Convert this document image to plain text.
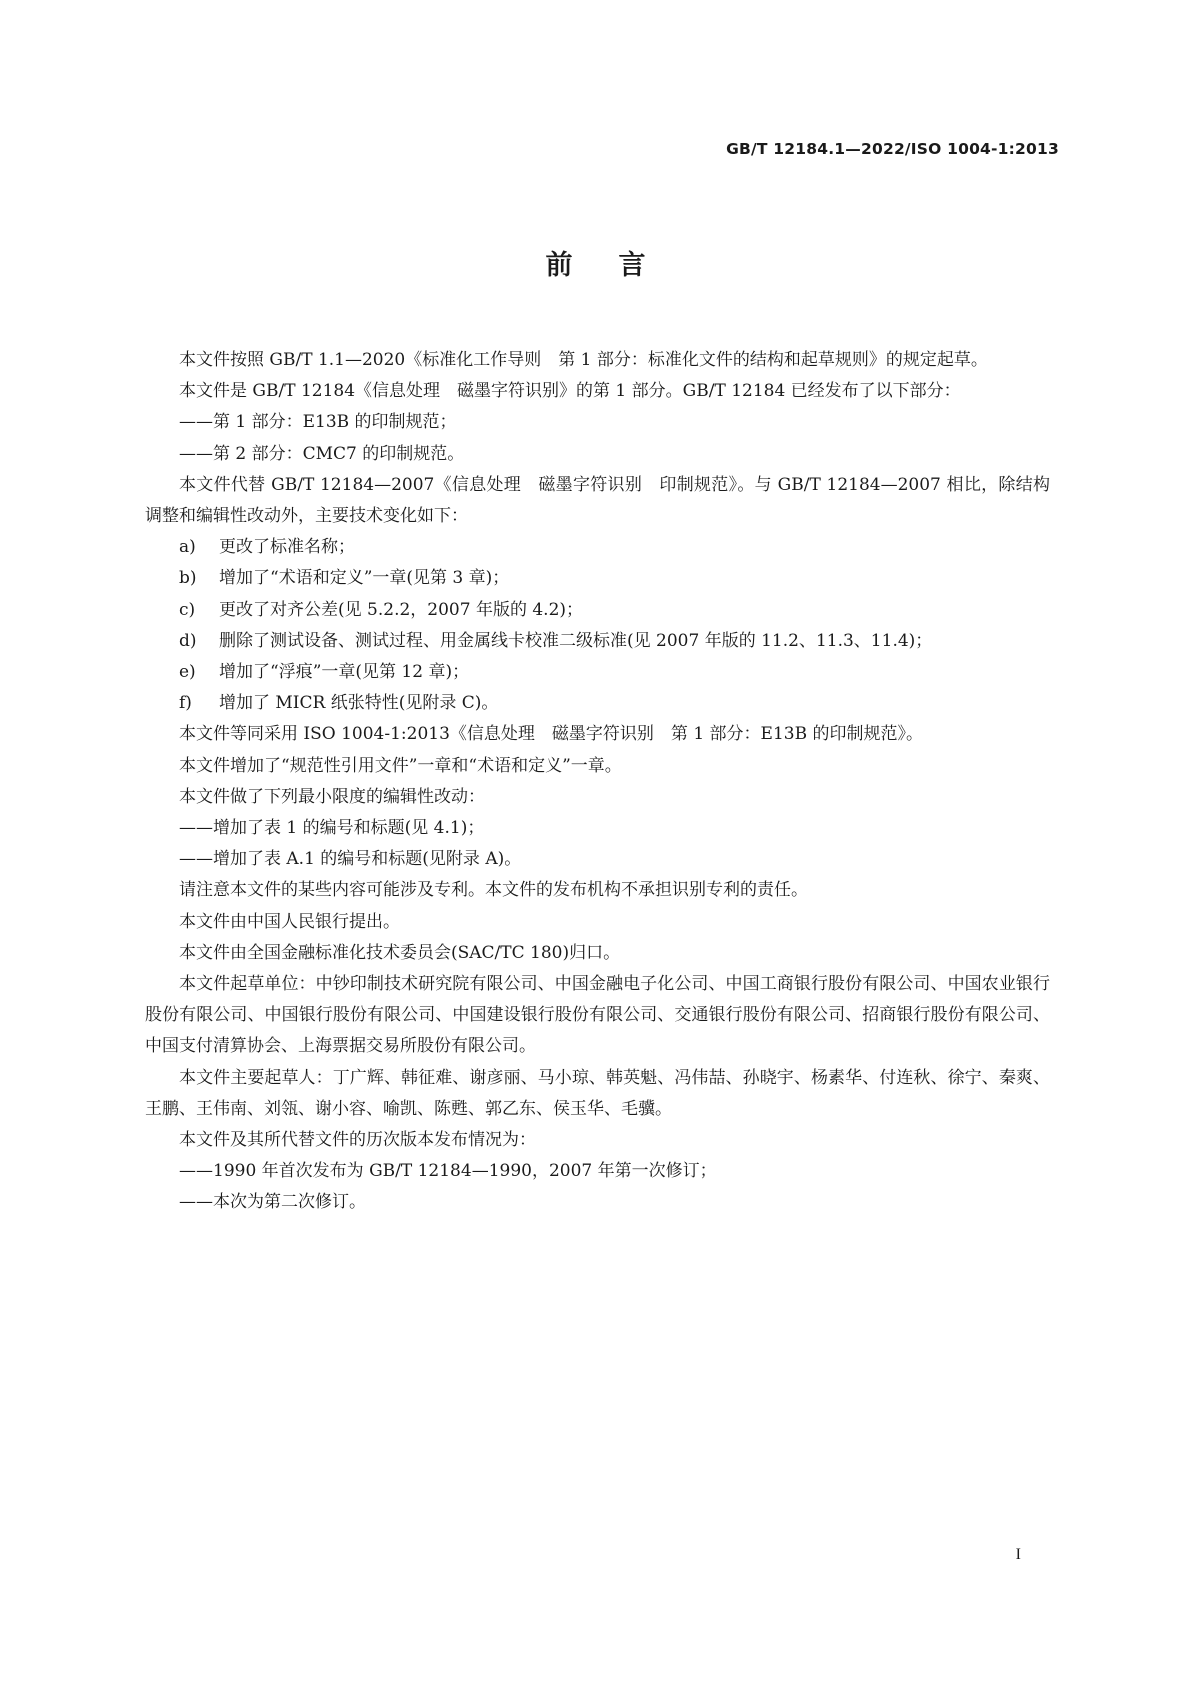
GB/T 12184.1—2022/ISO 1004-1:2013
前言

本文件按照 GB/T 1.1—2020《标准化工作导则　第 1 部分：标准化文件的结构和起草规则》的规定起草。

本文件是 GB/T 12184《信息处理　磁墨字符识别》的第 1 部分。GB/T 12184 已经发布了以下部分：

——第 1 部分：E13B 的印制规范；

——第 2 部分：CMC7 的印制规范。

本文件代替 GB/T 12184—2007《信息处理　磁墨字符识别　印制规范》。与 GB/T 12184—2007 相比，除结构调整和编辑性改动外，主要技术变化如下：

a) 更改了标准名称；

b) 增加了“术语和定义”一章(见第 3 章)；

c) 更改了对齐公差(见 5.2.2，2007 年版的 4.2)；

d) 删除了测试设备、测试过程、用金属线卡校准二级标准(见 2007 年版的 11.2、11.3、11.4)；

e) 增加了“浮痕”一章(见第 12 章)；

f) 增加了 MICR 纸张特性(见附录 C)。

本文件等同采用 ISO 1004-1:2013《信息处理　磁墨字符识别　第 1 部分：E13B 的印制规范》。

本文件增加了“规范性引用文件”一章和“术语和定义”一章。

本文件做了下列最小限度的编辑性改动：

——增加了表 1 的编号和标题(见 4.1)；

——增加了表 A.1 的编号和标题(见附录 A)。

请注意本文件的某些内容可能涉及专利。本文件的发布机构不承担识别专利的责任。

本文件由中国人民银行提出。

本文件由全国金融标准化技术委员会(SAC/TC 180)归口。

本文件起草单位：中钞印制技术研究院有限公司、中国金融电子化公司、中国工商银行股份有限公司、中国农业银行股份有限公司、中国银行股份有限公司、中国建设银行股份有限公司、交通银行股份有限公司、招商银行股份有限公司、中国支付清算协会、上海票据交易所股份有限公司。

本文件主要起草人：丁广辉、韩征难、谢彦丽、马小琼、韩英魁、冯伟喆、孙晓宇、杨素华、付连秋、徐宁、秦爽、王鹏、王伟南、刘瓴、谢小容、喻凯、陈甦、郭乙东、侯玉华、毛骥。

本文件及其所代替文件的历次版本发布情况为：

——1990 年首次发布为 GB/T 12184—1990，2007 年第一次修订；

——本次为第二次修订。

I
